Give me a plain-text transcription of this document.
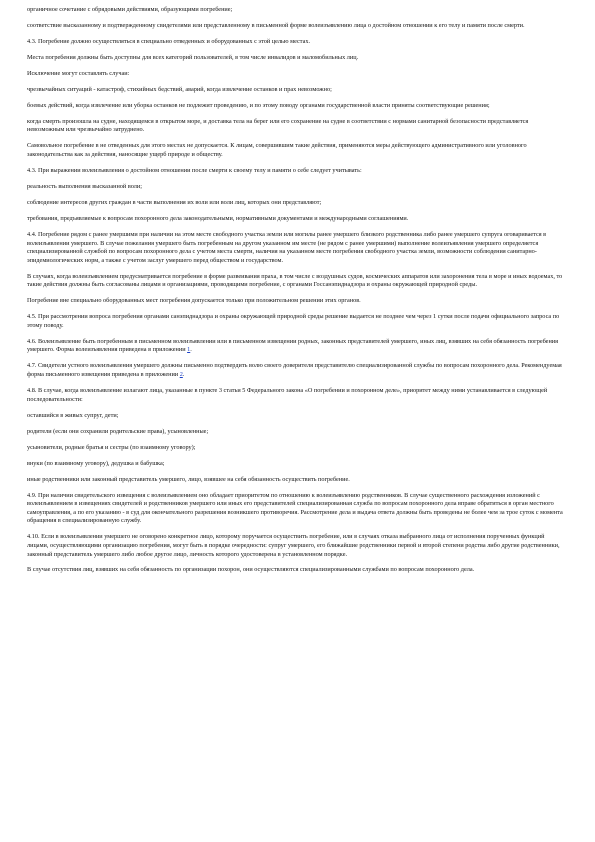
органичное сочетание с обрядовыми действиями, образующими погребение;

соответствие высказанному и подтвержденному свидетелями или представленному в письменной форме волеизъявлению лица о достойном отношении к его телу и памяти после смерти.

4.3. Погребение должно осуществляться в специально отведенных и оборудованных с этой целью местах.

Места погребения должны быть доступны для всех категорий пользователей, в том числе инвалидов и маломобильных лиц.

Исключение могут составлять случаи:

чрезвычайных ситуаций - катастроф, стихийных бедствий, аварий, когда извлечение останков и прах невозможно;

боевых действий, когда извлечение или уборка останков не подлежит проведению, и по этому поводу органами государственной власти приняты соответствующие решения;

когда смерть произошла на судне, находящемся в открытом море, и доставка тела на берег или его сохранение на судне в соответствии с нормами санитарной безопасности представляется невозможным или чрезвычайно затруднено.

Самовольное погребение в не отведенных для этого местах не допускается. К лицам, совершившим такие действия, применяются меры действующего административного или уголовного законодательства как за действия, наносящие ущерб природе и обществу.

4.3. При выражении волеизъявления о достойном отношении после смерти к своему телу и памяти о себе следует учитывать:

реальность выполнения высказанной воли;

соблюдение интересов других граждан в части выполнения их воли или воли лиц, которых они представляют;

требования, предъявляемые к вопросам похоронного дела законодательными, нормативными документами и международными соглашениями.

4.4. Погребение рядом с ранее умершими при наличии на этом месте свободного участка земли или могилы ранее умершего близкого родственника либо ранее умершего супруга оговаривается в волеизъявлении умершего. В случае пожелания умершего быть погребенным на другом указанном им месте (не рядом с ранее умершими) выполнение волеизъявления умершего определяется специализированной службой по вопросам похоронного дела с учетом места смерти, наличия на указанном месте погребения свободного участка земли, возможности соблюдения санитарно-эпидемиологических норм, а также с учетом заслуг умершего перед обществом и государством.

В случаях, когда волеизъявлением предусматривается погребение в форме развеивания праха, в том числе с воздушных судов, космических аппаратов или захоронения тела в море и иных водоемах, то такие действия должны быть согласованы лицами и организациями, проводящими погребение, с органами Госсанэпиднадзора и охраны окружающей природной среды.

Погребение вне специально оборудованных мест погребения допускается только при положительном решении этих органов.

4.5. При рассмотрении вопроса погребения органами санэпиднадзора и охраны окружающей природной среды решение выдается не позднее чем через 1 сутки после подачи официального запроса по этому поводу.

4.6. Волеизъявление быть погребенным в письменном волеизъявлении или в письменном извещении родных, законных представителей умершего, иных лиц, взявших на себя обязанность погребения умершего. Форма волеизъявления приведена в приложении 1.

4.7. Свидетели устного волеизъявления умершего должны письменно подтвердить волю своего доверителя представителю специализированной службы по вопросам похоронного дела. Рекомендуемая форма письменного извещения приведена в приложении 2.

4.8. В случае, когда волеизъявление излагают лица, указанные в пункте 3 статьи 5 Федерального закона «О погребении и похоронном деле», приоритет между ними устанавливается в следующей последовательности:

оставшийся в живых супруг, дети;

родители (если они сохранили родительские права), усыновленные;

усыновители, родные братья и сестры (по взаимному уговору);

внуки (по взаимному уговору), дедушка и бабушка;

иные родственники или законный представитель умершего, лицо, взявшее на себя обязанность осуществить погребение.

4.9. При наличии свидетельского извещения с волеизъявлением оно обладает приоритетом по отношению к волеизъявлению родственников. В случае существенного расхождения изложений с волеизъявлением в извещениях свидетелей и родственников умершего или иных его представителей специализированная служба по вопросам похоронного дела вправе обратиться в орган местного самоуправления, а по его указанию - в суд для окончательного разрешения возникшего противоречия. Рассмотрение дела и выдача ответа должны быть проведены не более чем за трое суток с момента обращения в специализированную службу.

4.10. Если в волеизъявлении умершего не оговорено конкретное лицо, которому поручается осуществить погребение, или в случаях отказа выбранного лица от исполнения порученных функций лицами, осуществляющими организацию погребения, могут быть в порядке очередности: супруг умершего, его ближайшие родственники первой и второй степени родства либо другие родственники, законный представитель умершего либо любое другое лицо, личность которого удостоверена в установленном порядке.

В случае отсутствия лиц, взявших на себя обязанность по организации похорон, они осуществляются специализированными службами по вопросам похоронного дела.
